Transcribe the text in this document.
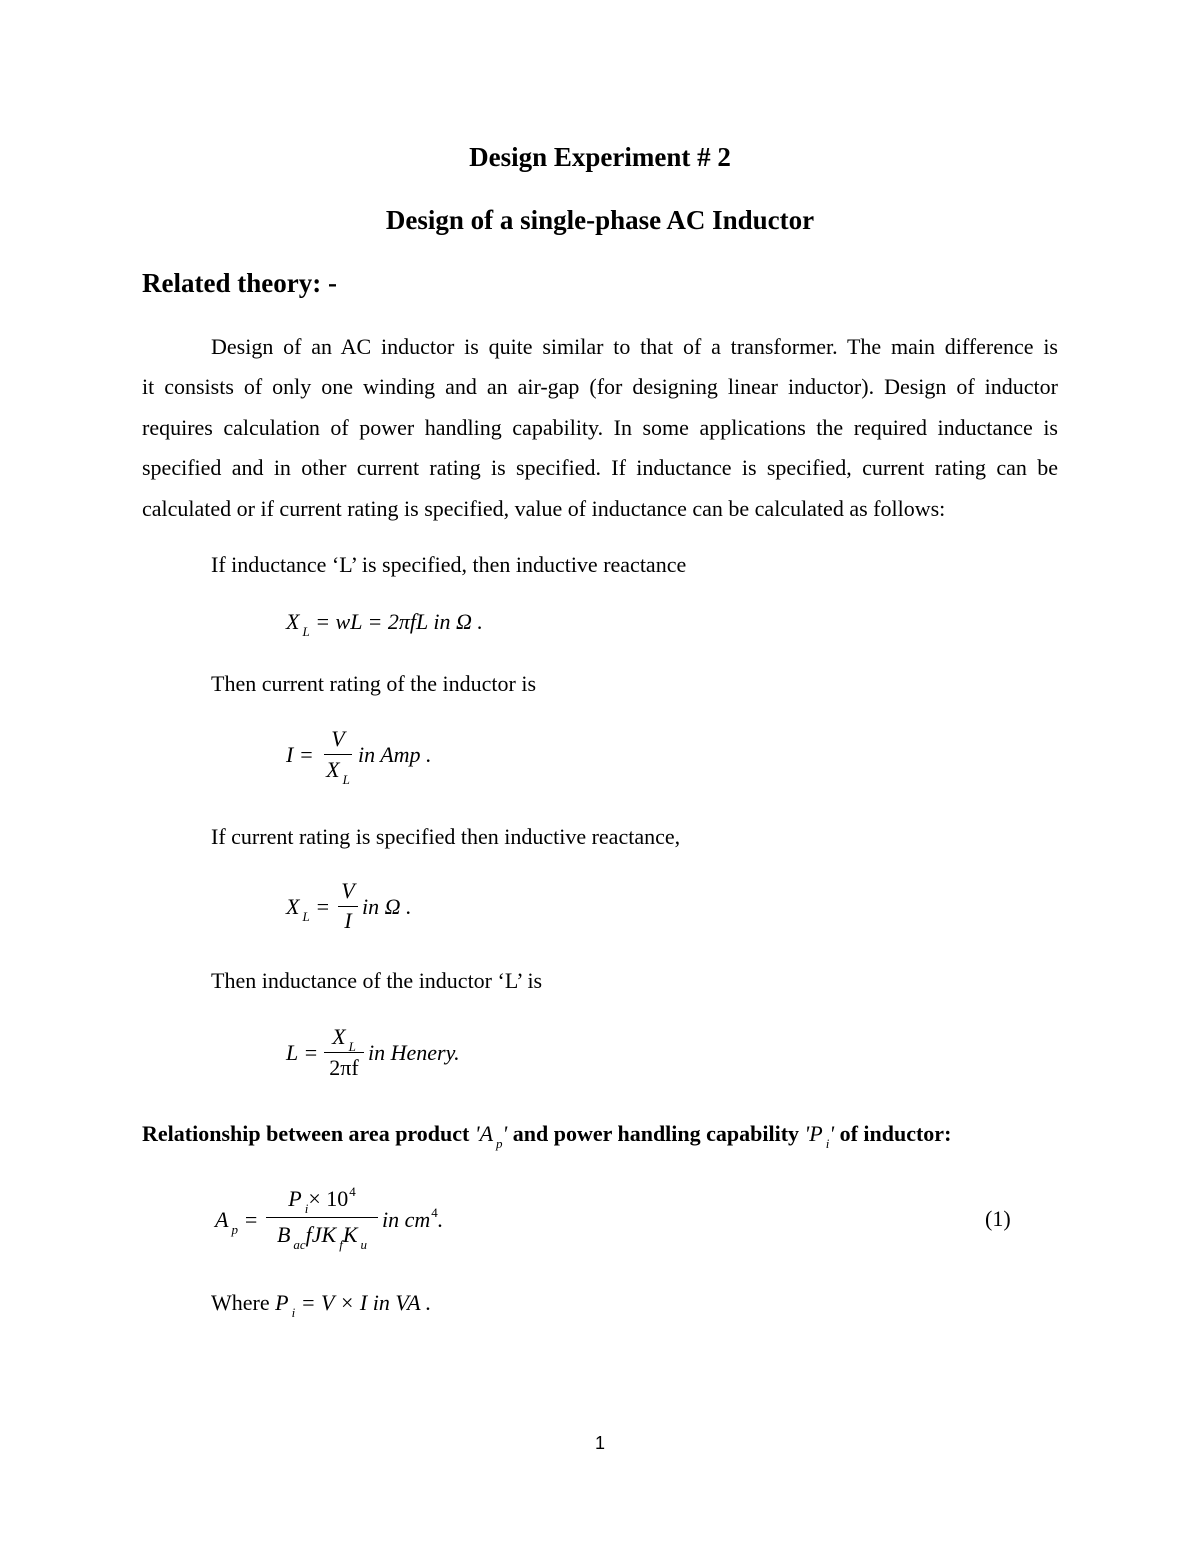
Design Experiment # 2
Design of a single-phase AC Inductor
Related theory: -
Design of an AC inductor is quite similar to that of a transformer. The main difference is
it consists of only one winding and an air-gap (for designing linear inductor). Design of inductor
requires calculation of power handling capability. In some applications the required inductance is
specified and in other current rating is specified. If inductance is specified, current rating can be
calculated or if current rating is specified, value of inductance can be calculated as follows:
If inductance ‘L’ is specified, then inductive reactance
X $_L$ = wL = 2πfL in Ω .
Then current rating of the inductor is
I =
V
X $_L$
in Amp .
If current rating is specified then inductive reactance,
X $_L$ =
V
I
in Ω .
Then inductance of the inductor ‘L’ is
L =
X $_L$
2πf
in Henery.
Relationship between area product 'A $_p$' and power handling capability 'P $_i$' of inductor:
A $_p$ =
P $_i\times 10^4$
B $_{ac}$fJK $_f$K $_u$
in $cm^4$.	(1)
Where P $_i$ = V × I in VA .
1
